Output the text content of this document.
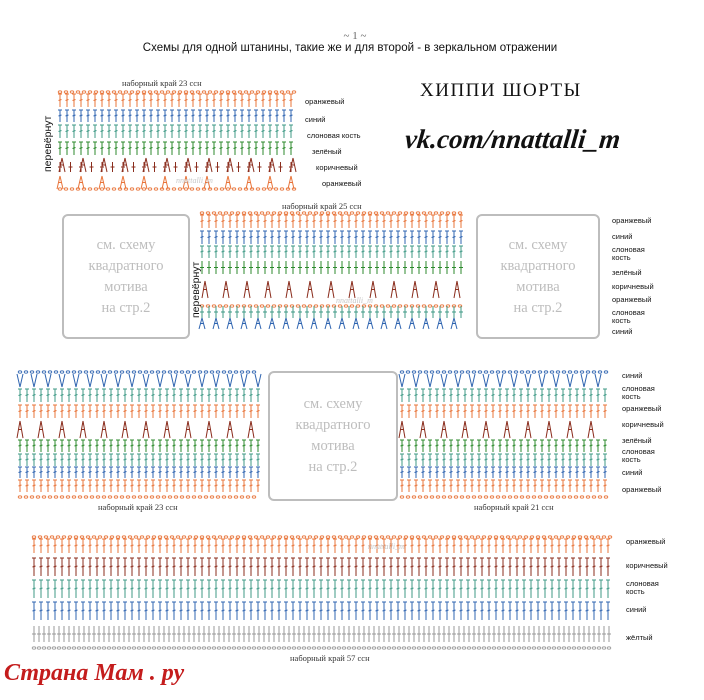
~ 1 ~
Схемы для одной штанины, такие же и для второй - в зеркальном отражении
ХИППИ ШОРТЫ
vk.com/nnattalli_m
наборный край 23 ссн
перевёрнут
оранжевый
синий
слоновая кость
зелёный
коричневый
оранжевый
nnattalli_m
см. схему
квадратного
мотива
на стр.2
наборный край 25 ссн
перевёрнут
см. схему
квадратного
мотива
на стр.2
оранжевый
синий
слоновая кость
зелёный
коричневый
оранжевый
слоновая кость
синий
nnattalli_m
см. схему
квадратного
мотива
на стр.2
синий
слоновая кость
оранжевый
коричневый
зелёный
слоновая кость
синий
оранжевый
наборный край 23 ссн	наборный край 21 ссн
оранжевый
коричневый
слоновая кость
синий
жёлтый
наборный край 57 ссн
nnattalli_m
Страна Мам . ру
